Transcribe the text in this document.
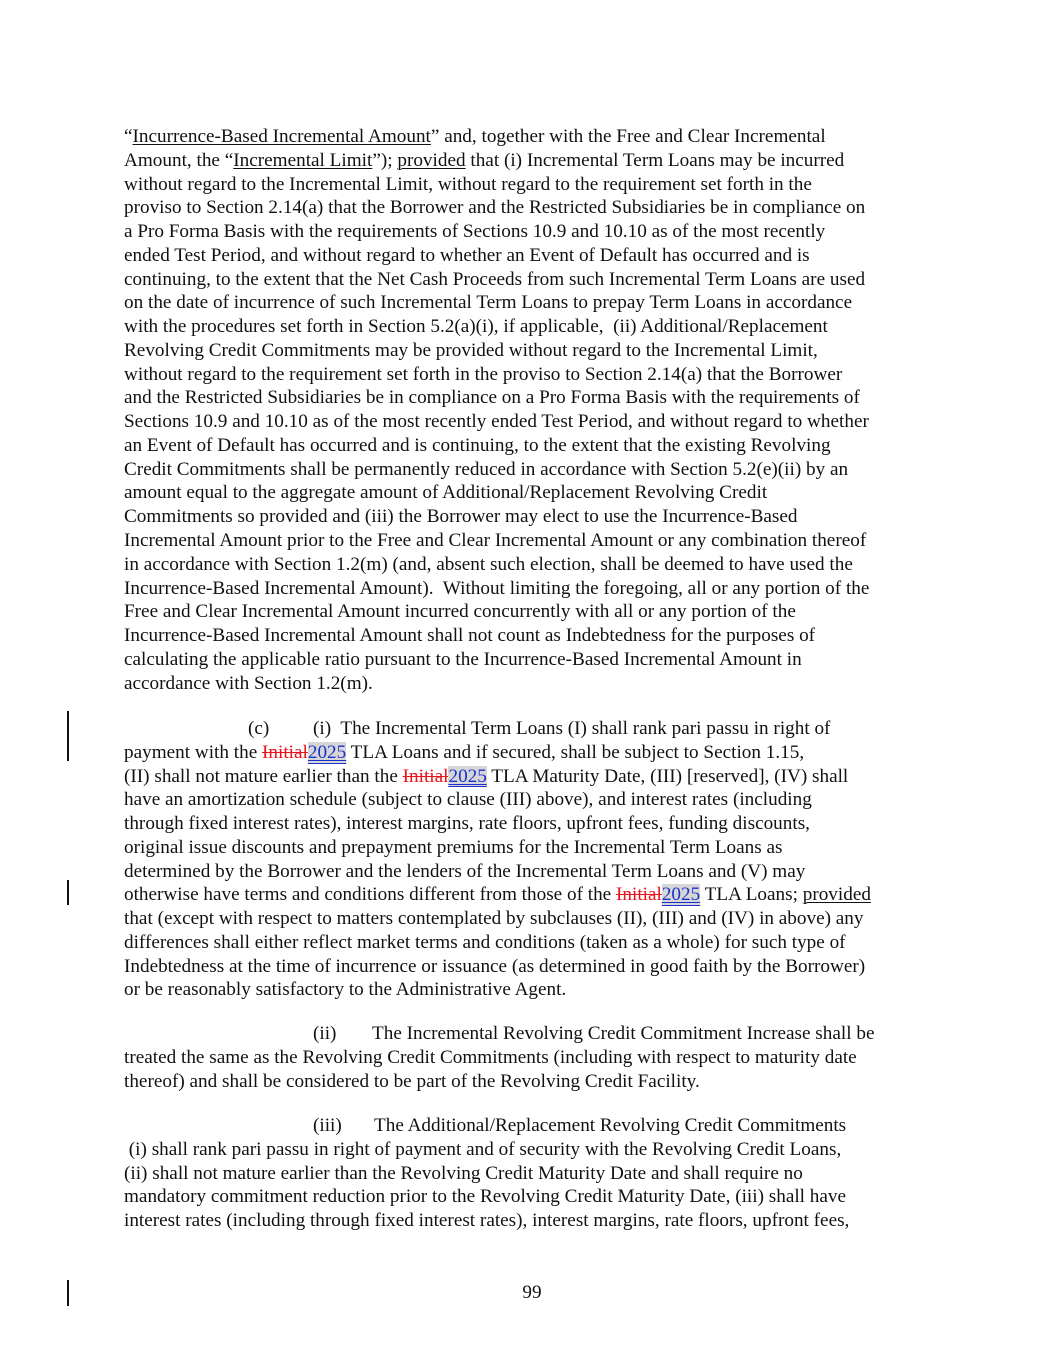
“Incurrence-Based Incremental Amount” and, together with the Free and Clear Incremental
Amount, the “Incremental Limit”); provided that (i) Incremental Term Loans may be incurred
without regard to the Incremental Limit, without regard to the requirement set forth in the
proviso to Section 2.14(a) that the Borrower and the Restricted Subsidiaries be in compliance on
a Pro Forma Basis with the requirements of Sections 10.9 and 10.10 as of the most recently
ended Test Period, and without regard to whether an Event of Default has occurred and is
continuing, to the extent that the Net Cash Proceeds from such Incremental Term Loans are used
on the date of incurrence of such Incremental Term Loans to prepay Term Loans in accordance
with the procedures set forth in Section 5.2(a)(i), if applicable,  (ii) Additional/Replacement
Revolving Credit Commitments may be provided without regard to the Incremental Limit,
without regard to the requirement set forth in the proviso to Section 2.14(a) that the Borrower
and the Restricted Subsidiaries be in compliance on a Pro Forma Basis with the requirements of
Sections 10.9 and 10.10 as of the most recently ended Test Period, and without regard to whether
an Event of Default has occurred and is continuing, to the extent that the existing Revolving
Credit Commitments shall be permanently reduced in accordance with Section 5.2(e)(ii) by an
amount equal to the aggregate amount of Additional/Replacement Revolving Credit
Commitments so provided and (iii) the Borrower may elect to use the Incurrence-Based
Incremental Amount prior to the Free and Clear Incremental Amount or any combination thereof
in accordance with Section 1.2(m) (and, absent such election, shall be deemed to have used the
Incurrence-Based Incremental Amount).  Without limiting the foregoing, all or any portion of the
Free and Clear Incremental Amount incurred concurrently with all or any portion of the
Incurrence-Based Incremental Amount shall not count as Indebtedness for the purposes of
calculating the applicable ratio pursuant to the Incurrence-Based Incremental Amount in
accordance with Section 1.2(m).
(c) (i)  The Incremental Term Loans (I) shall rank pari passu in right of
payment with the Initial2025 TLA Loans and if secured, shall be subject to Section 1.15,
(II) shall not mature earlier than the Initial2025 TLA Maturity Date, (III) [reserved], (IV) shall
have an amortization schedule (subject to clause (III) above), and interest rates (including
through fixed interest rates), interest margins, rate floors, upfront fees, funding discounts,
original issue discounts and prepayment premiums for the Incremental Term Loans as
determined by the Borrower and the lenders of the Incremental Term Loans and (V) may
otherwise have terms and conditions different from those of the Initial2025 TLA Loans; provided
that (except with respect to matters contemplated by subclauses (II), (III) and (IV) in above) any
differences shall either reflect market terms and conditions (taken as a whole) for such type of
Indebtedness at the time of incurrence or issuance (as determined in good faith by the Borrower)
or be reasonably satisfactory to the Administrative Agent.
(ii) The Incremental Revolving Credit Commitment Increase shall be
treated the same as the Revolving Credit Commitments (including with respect to maturity date
thereof) and shall be considered to be part of the Revolving Credit Facility.
(iii) The Additional/Replacement Revolving Credit Commitments
(i) shall rank pari passu in right of payment and of security with the Revolving Credit Loans,
(ii) shall not mature earlier than the Revolving Credit Maturity Date and shall require no
mandatory commitment reduction prior to the Revolving Credit Maturity Date, (iii) shall have
interest rates (including through fixed interest rates), interest margins, rate floors, upfront fees,
99
